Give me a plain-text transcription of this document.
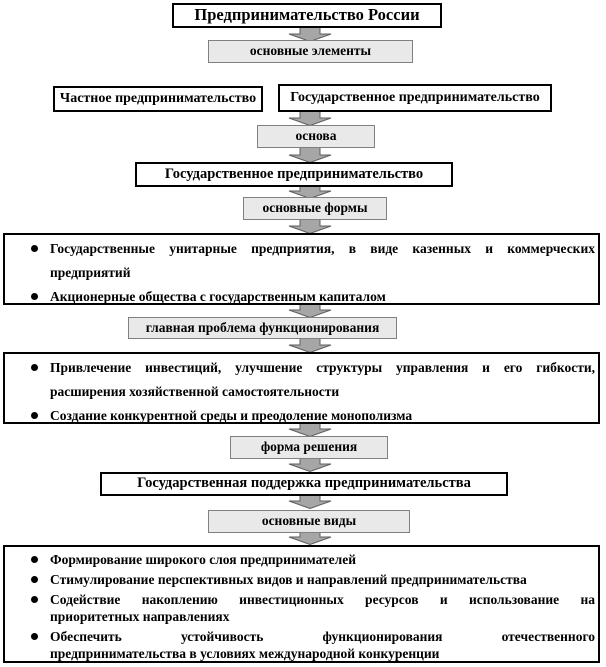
Предпринимательство России
основные элементы
Частное предпринимательство Государственное предпринимательство
основа
Государственное предпринимательство
основные формы
Государственные унитарные предприятия, в виде казенных и коммерческих
предприятий
Акционерные общества с государственным капиталом
главная проблема функционирования
Привлечение инвестиций, улучшение структуры управления и его гибкости,
расширения хозяйственной самостоятельности
Создание конкурентной среды и преодоление монополизма
форма решения
Государственная поддержка предпринимательства
основные виды
Формирование широкого слоя предпринимателей
Стимулирование перспективных видов и направлений предпринимательства
Содействие накоплению инвестиционных ресурсов и использование на
приоритетных направлениях
Обеспечить устойчивость функционирования отечественного
предпринимательства в условиях международной конкуренции
